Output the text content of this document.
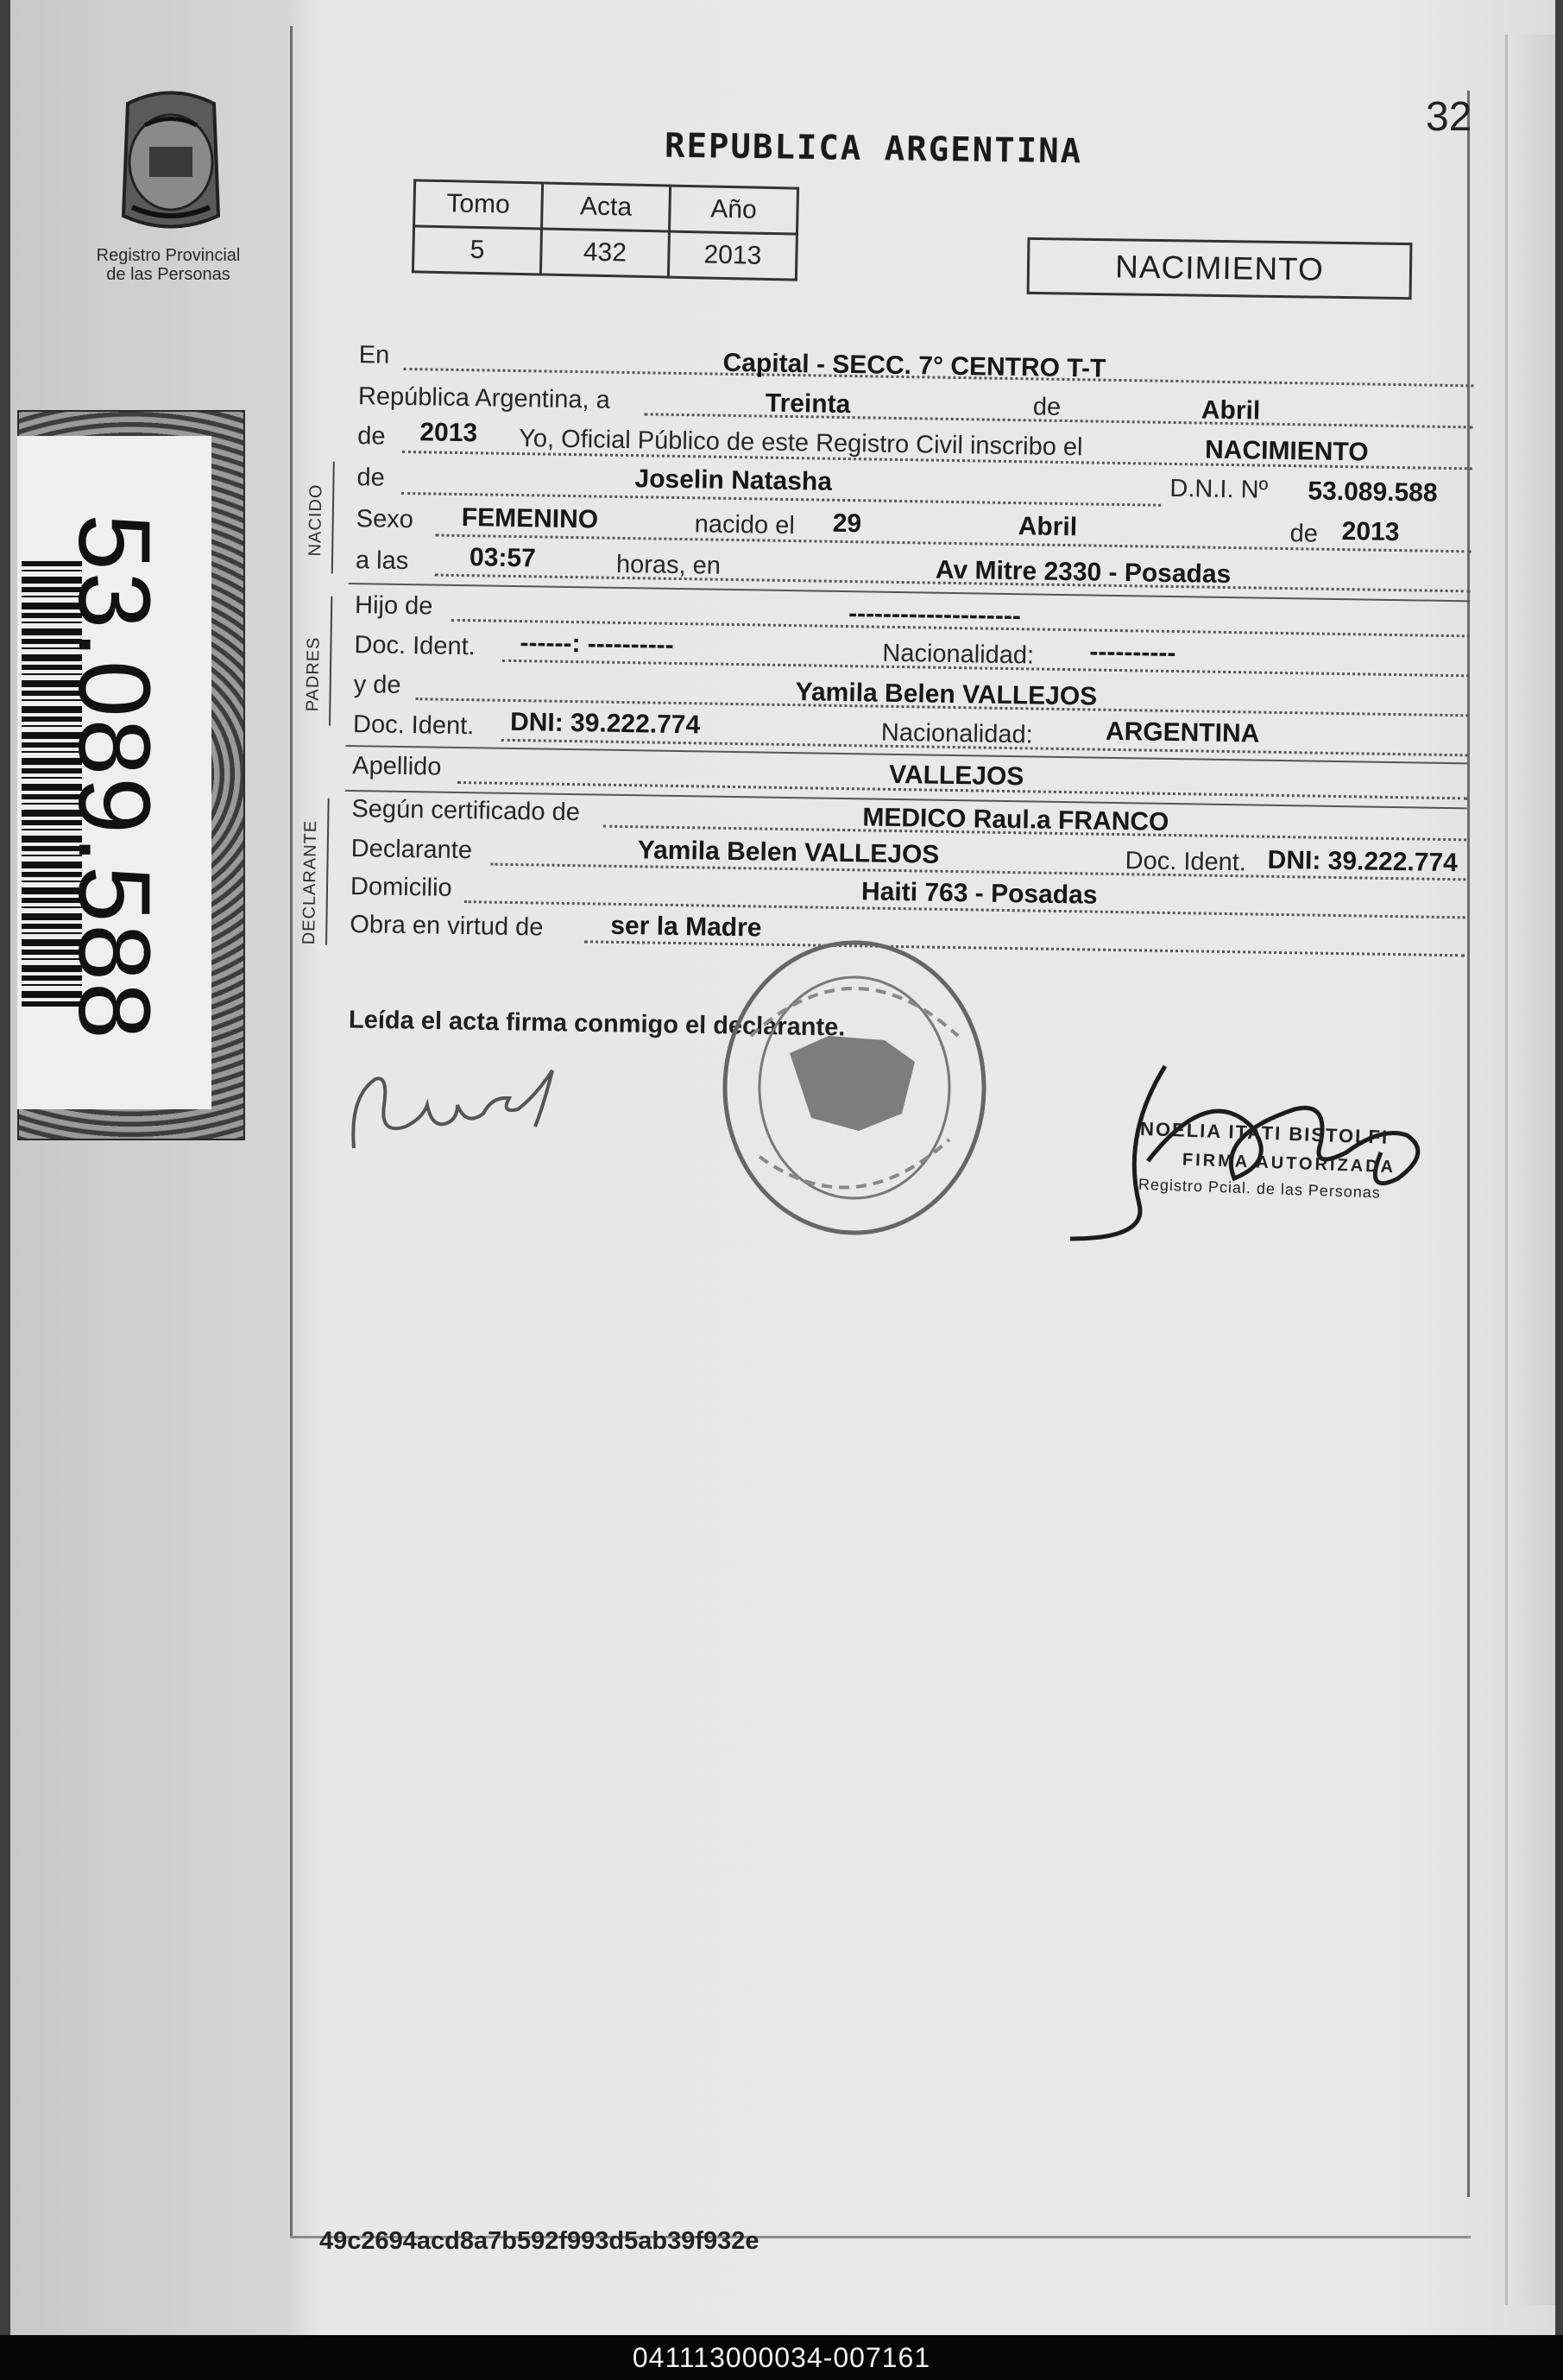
Registro Provincial
de las Personas
53.089.588
32
REPUBLICA ARGENTINA
Tomo	Acta	Año
5	432	2013	NACIMIENTO
En	Capital - SECC. 7° CENTRO T-T
República Argentina, a	Treinta	de	Abril
de 2013 Yo, Oficial Público de este Registro Civil inscribo el	NACIMIENTO
NACIDO
de	Joselin Natasha
Sexo FEMENINO	nacido el 29	Abril
D.N.I. Nº 53.089.588
de 2013
a las 03:57	horas, en	Av Mitre 2330 - Posadas
PADRES
Hijo de	--------------------
Doc. Ident. ------: ----------	Nacionalidad: ----------
y de	Yamila Belen VALLEJOS
Doc. Ident. DNI: 39.222.774	Nacionalidad:	ARGENTINA
Apellido	VALLEJOS
DECLARANTE
Según certificado de	MEDICO Raul.a FRANCO
Declarante	Yamila Belen VALLEJOS	Doc. Ident. DNI: 39.222.774
Domicilio	Haiti 763 - Posadas
Obra en virtud de	ser la Madre
Leída el acta firma conmigo el declarante.
NOELIA ITATI BISTOLFI
FIRMA AUTORIZADA
Registro Pcial. de las Personas
49c2694acd8a7b592f993d5ab39f932e
041113000034-007161
